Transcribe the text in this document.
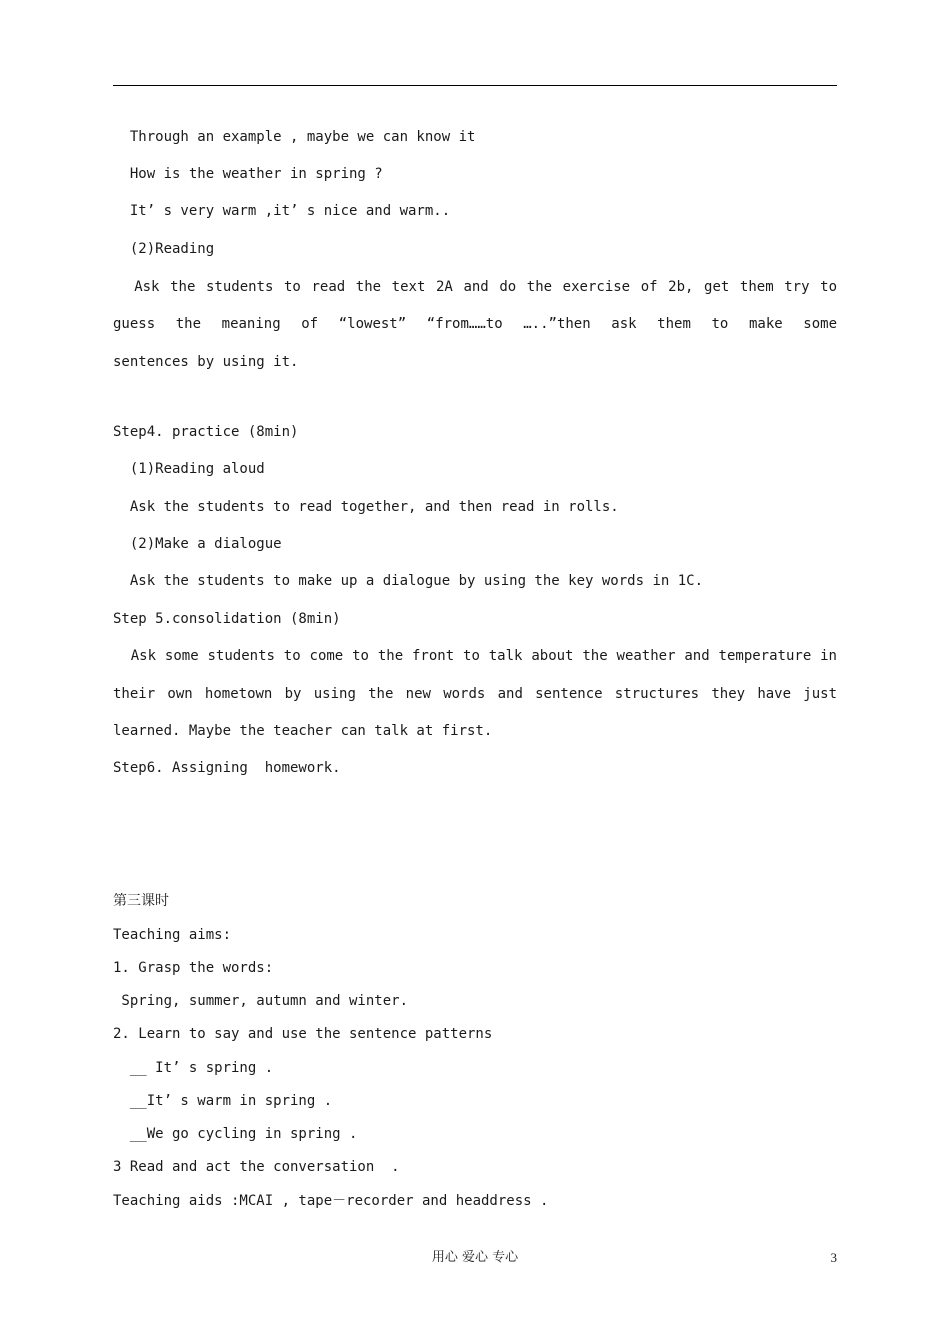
Through an example , maybe we can know it
How is the weather in spring ?
It’ s very warm ,it’ s nice and warm..
(2)Reading
Ask the students to read the text 2A and do the exercise of 2b, get them try to
guess the meaning of “lowest” “from……to …..”then ask them to make some
sentences by using it.
Step4. practice (8min)
(1)Reading aloud
Ask the students to read together, and then read in rolls.
(2)Make a dialogue
Ask the students to make up a dialogue by using the key words in 1C.
Step 5.consolidation (8min)
Ask some students to come to the front to talk about the weather and temperature in
their own hometown by using the new words and sentence structures they have just
learned. Maybe the teacher can talk at first.
Step6. Assigning  homework.
第三课时
Teaching aims:
1. Grasp the words:
Spring, summer, autumn and winter.
2. Learn to say and use the sentence patterns
__ It’ s spring .
__It’ s warm in spring .
__We go cycling in spring .
3 Read and act the conversation  .
Teaching aids :MCAI , tape－recorder and headdress .
用心 爱心 专心	3
